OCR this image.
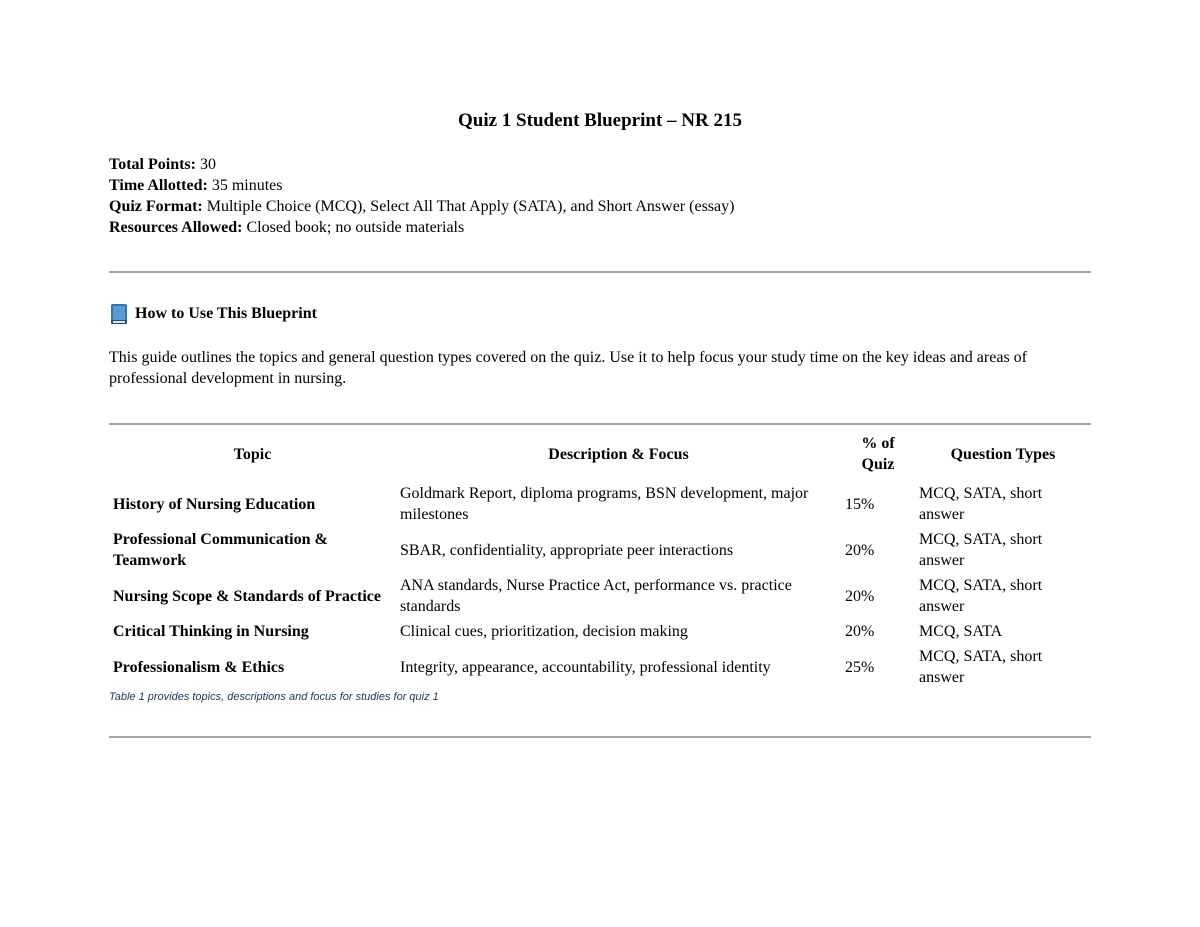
Quiz 1 Student Blueprint – NR 215
Total Points: 30
Time Allotted: 35 minutes
Quiz Format: Multiple Choice (MCQ), Select All That Apply (SATA), and Short Answer (essay)
Resources Allowed: Closed book; no outside materials
How to Use This Blueprint
This guide outlines the topics and general question types covered on the quiz. Use it to help focus your study time on the key ideas and areas of professional development in nursing.
Topic	Description & Focus	% of Quiz	Question Types
History of Nursing Education	Goldmark Report, diploma programs, BSN development, major milestones	15%	MCQ, SATA, short answer
Professional Communication & Teamwork	SBAR, confidentiality, appropriate peer interactions	20%	MCQ, SATA, short answer
Nursing Scope & Standards of Practice	ANA standards, Nurse Practice Act, performance vs. practice standards	20%	MCQ, SATA, short answer
Critical Thinking in Nursing	Clinical cues, prioritization, decision making	20%	MCQ, SATA
Professionalism & Ethics	Integrity, appearance, accountability, professional identity	25%	MCQ, SATA, short answer
Table 1 provides topics, descriptions and focus for studies for quiz 1
